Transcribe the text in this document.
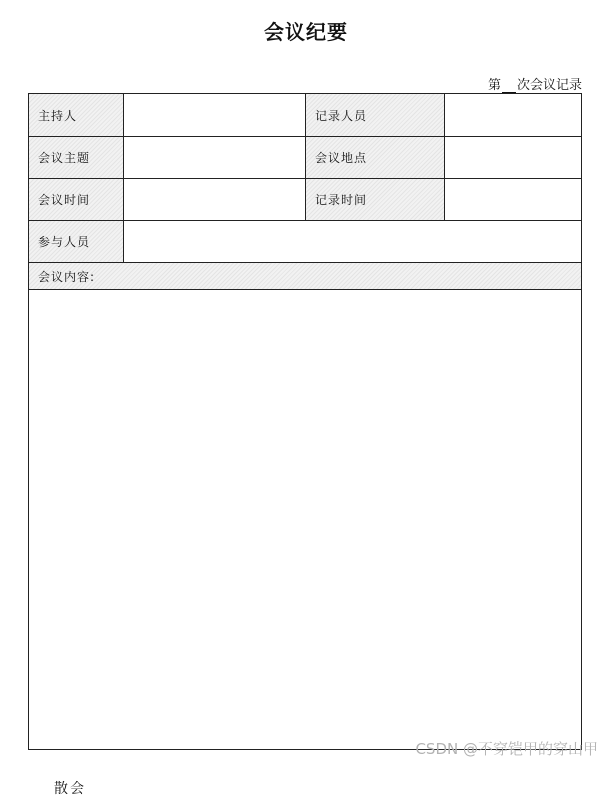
会议纪要
第 次会议记录
主持人	记录人员
会议主题	会议地点
会议时间	记录时间
参与人员
会议内容:
散会
CSDN @不穿铠甲的穿山甲
